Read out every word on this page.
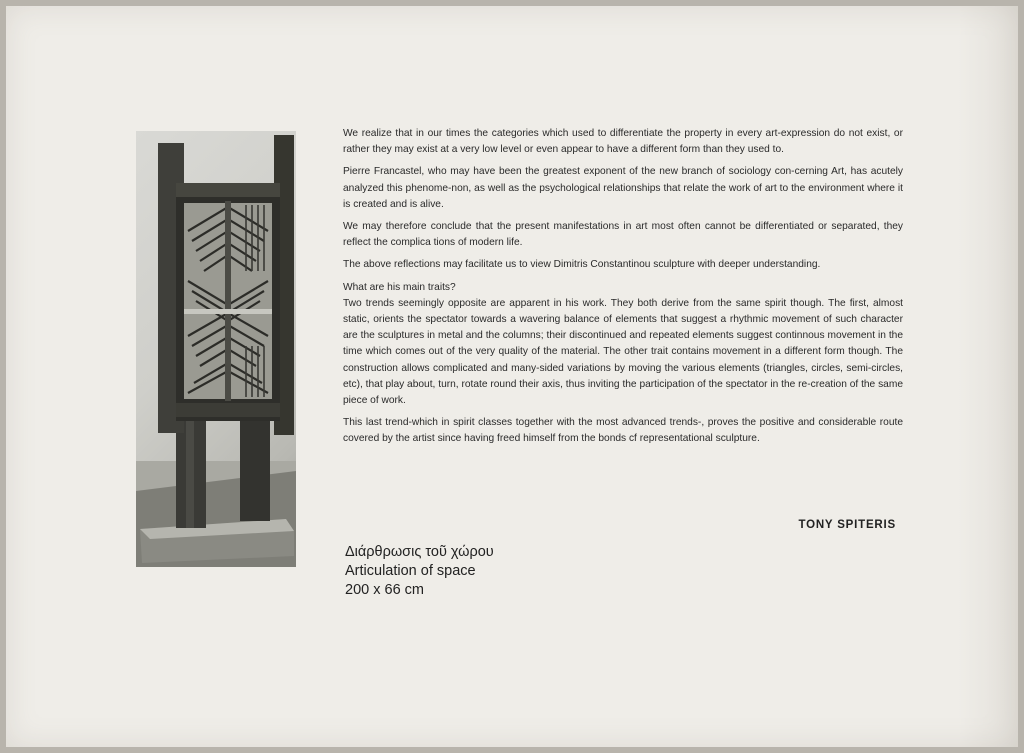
We realize that in our times the categories which used to differentiate the property in every art-expression do not exist, or rather they may exist at a very low level or even appear to have a different form than they used to.

Pierre Francastel, who may have been the greatest exponent of the new branch of sociology con-cerning Art, has acutely analyzed this phenome-non, as well as the psychological relationships that relate the work of art to the environment where it is created and is alive.

We may therefore conclude that the present manifestations in art most often cannot be differentiated or separated, they reflect the complica tions of modern life.

The above reflections may facilitate us to view Dimitris Constantinou sculpture with deeper understanding.

What are his main traits?

Two trends seemingly opposite are apparent in his work. They both derive from the same spirit though. The first, almost static, orients the spectator towards a wavering balance of elements that suggest a rhythmic movement of such character are the sculptures in metal and the columns; their discontinued and repeated elements suggest continnous movement in the time which comes out of the very quality of the material. The other trait contains movement in a different form though. The construction allows complicated and many-sided variations by moving the various elements (triangles, circles, semi-circles, etc), that play about, turn, rotate round their axis, thus inviting the participation of the spectator in the re-creation of the same piece of work.

This last trend-which in spirit classes together with the most advanced trends-, proves the positive and considerable route covered by the artist since having freed himself from the bonds cf representational sculpture.

TONY SPITERIS
Διάρθρωσις τοῦ χώρου
Articulation of space
200 x 66 cm
